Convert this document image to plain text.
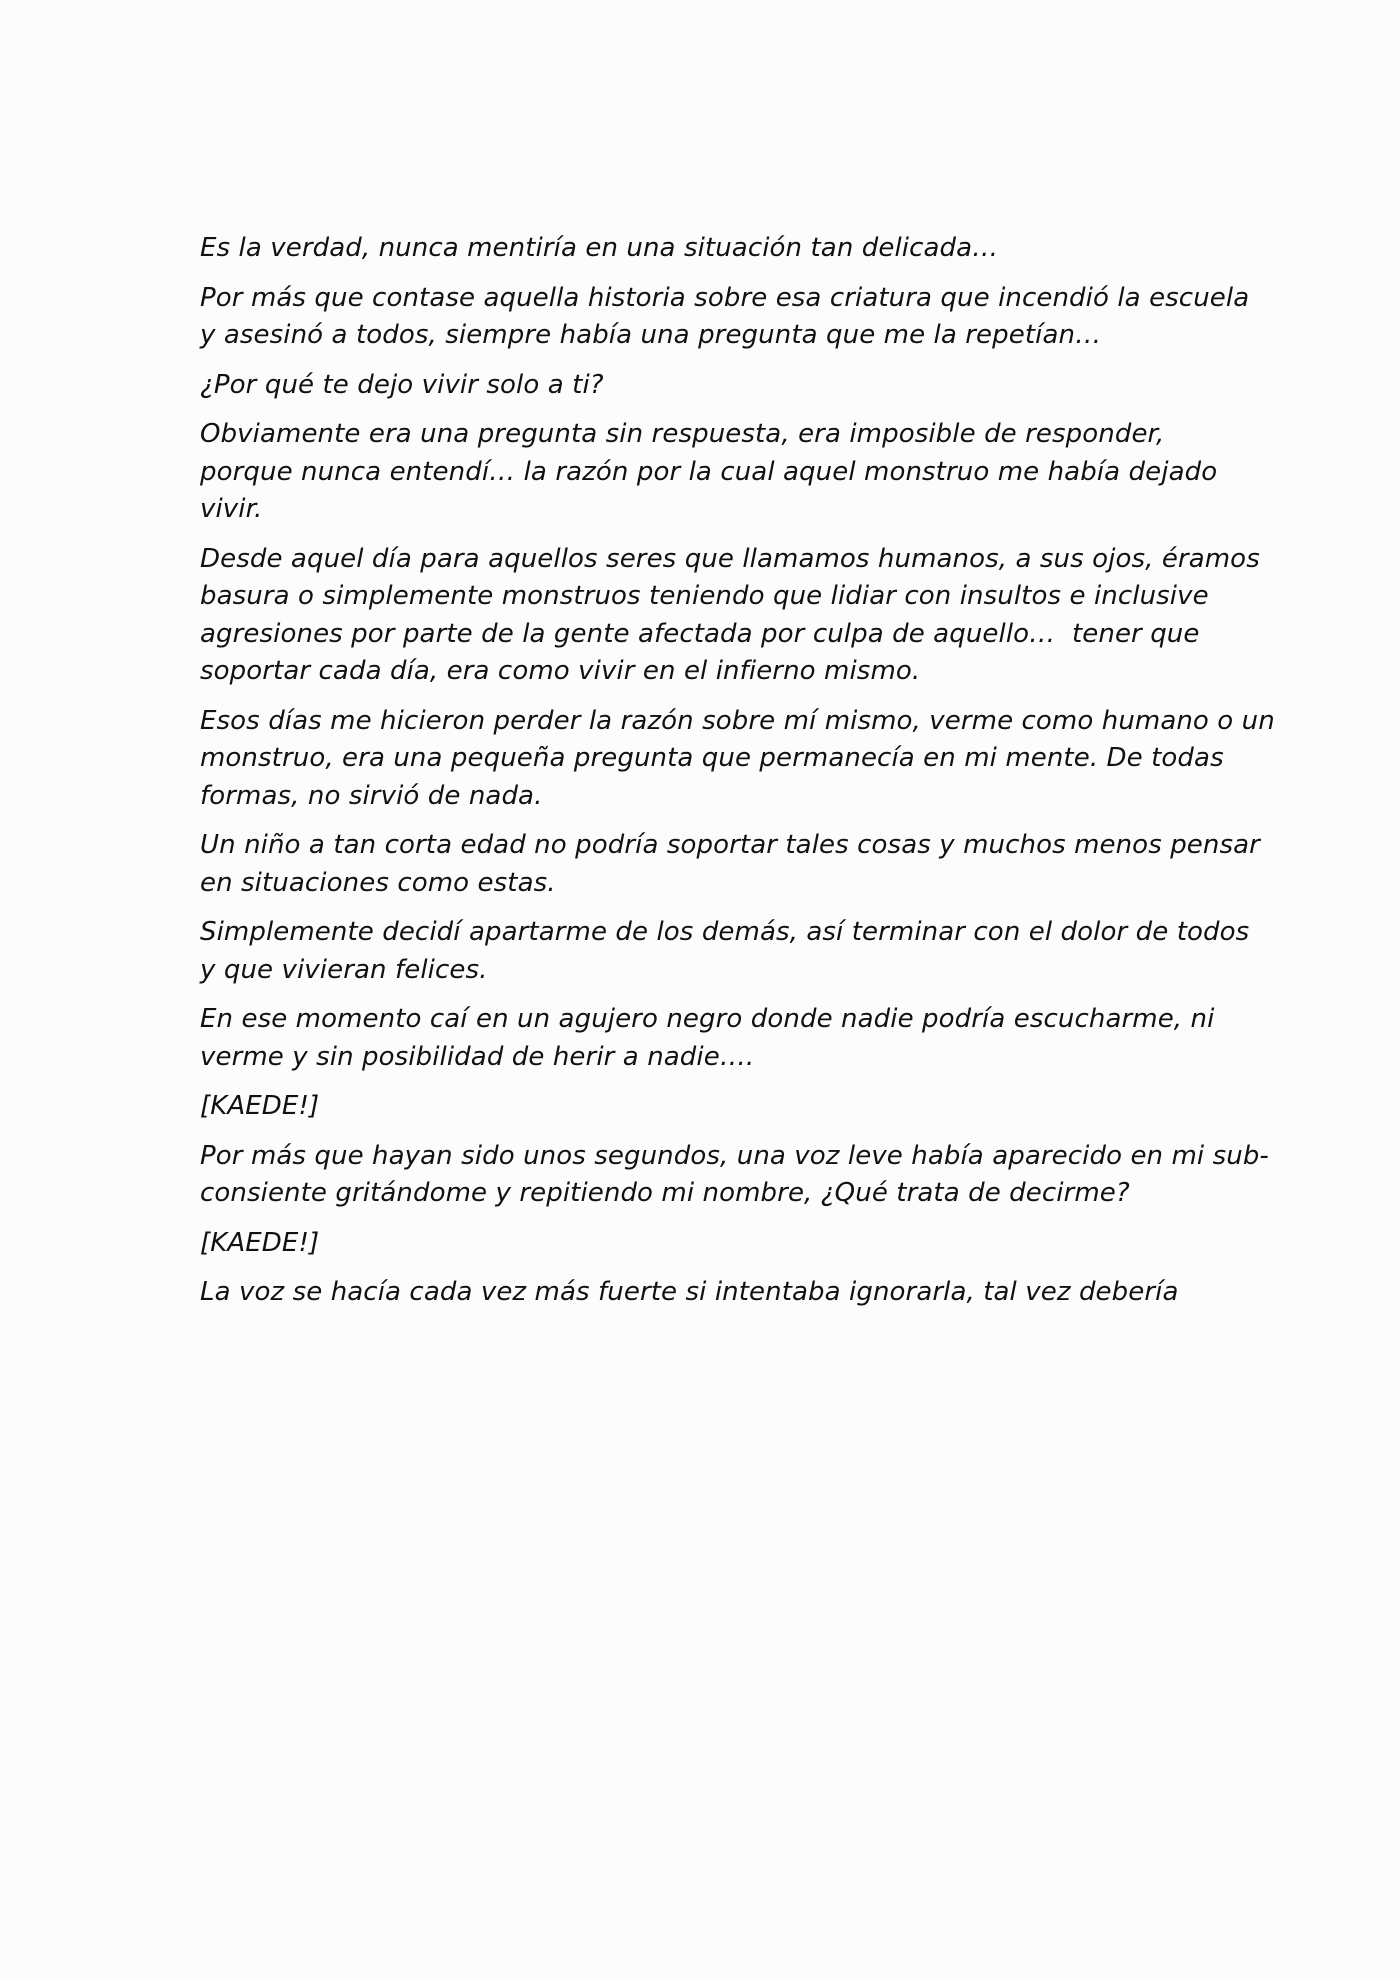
Es la verdad, nunca mentiría en una situación tan delicada…

Por más que contase aquella historia sobre esa criatura que incendió la escuela
y asesinó a todos, siempre había una pregunta que me la repetían…

¿Por qué te dejo vivir solo a ti?

Obviamente era una pregunta sin respuesta, era imposible de responder,
porque nunca entendí… la razón por la cual aquel monstruo me había dejado
vivir.

Desde aquel día para aquellos seres que llamamos humanos, a sus ojos, éramos
basura o simplemente monstruos teniendo que lidiar con insultos e inclusive
agresiones por parte de la gente afectada por culpa de aquello…  tener que
soportar cada día, era como vivir en el infierno mismo.

Esos días me hicieron perder la razón sobre mí mismo, verme como humano o un
monstruo, era una pequeña pregunta que permanecía en mi mente. De todas
formas, no sirvió de nada.

Un niño a tan corta edad no podría soportar tales cosas y muchos menos pensar
en situaciones como estas.

Simplemente decidí apartarme de los demás, así terminar con el dolor de todos
y que vivieran felices.

En ese momento caí en un agujero negro donde nadie podría escucharme, ni
verme y sin posibilidad de herir a nadie….

[KAEDE!]

Por más que hayan sido unos segundos, una voz leve había aparecido en mi sub-
consiente gritándome y repitiendo mi nombre, ¿Qué trata de decirme?

[KAEDE!]

La voz se hacía cada vez más fuerte si intentaba ignorarla, tal vez debería
